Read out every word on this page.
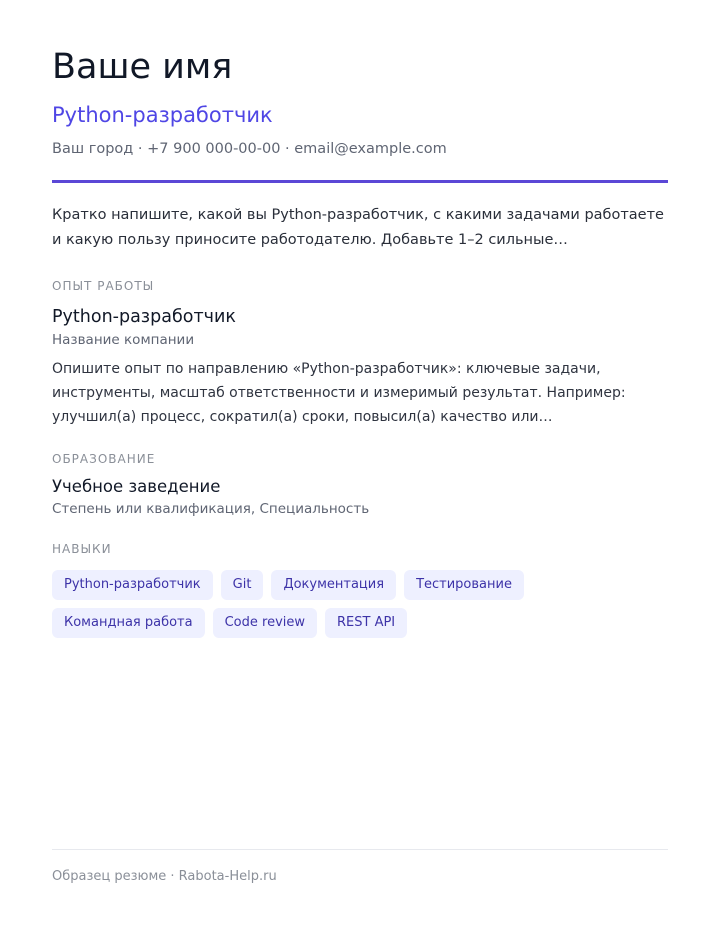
Ваше имя
Python-разработчик

Ваш город · +7 900 000-00-00 · email@example.com

Кратко напишите, какой вы Python-разработчик, с какими задачами работаете и какую пользу приносите работодателю. Добавьте 1–2 сильные…

ОПЫТ РАБОТЫ
Python-разработчик

Название компании

Опишите опыт по направлению «Python-разработчик»: ключевые задачи, инструменты, масштаб ответственности и измеримый результат. Например: улучшил(а) процесс, сократил(а) сроки, повысил(а) качество или…

ОБРАЗОВАНИЕ
Учебное заведение

Степень или квалификация, Специальность

НАВЫКИ
Python-разработчик	Git	Документация	Тестирование
Командная работа	Code review	REST API

Образец резюме · Rabota-Help.ru
